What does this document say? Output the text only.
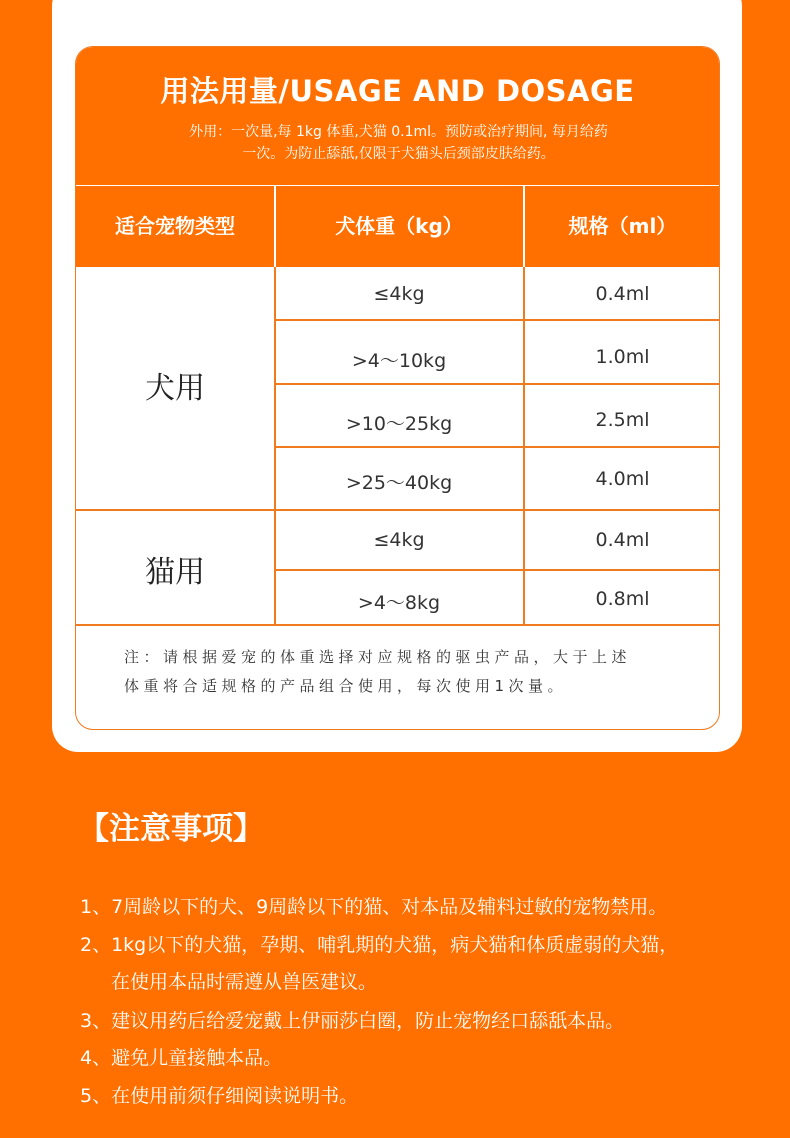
用法用量/USAGE AND DOSAGE
外用：一次量,每 1kg 体重,犬猫 0.1ml。预防或治疗期间, 每月给药
一次。为防止舔舐,仅限于犬猫头后颈部皮肤给药。
适合宠物类型	犬体重（kg）	规格（ml）
犬用
≤4kg	0.4ml
>4～10kg	1.0ml
>10～25kg	2.5ml
>25～40kg	4.0ml
猫用
≤4kg	0.4ml
>4～8kg	0.8ml
注：请根据爱宠的体重选择对应规格的驱虫产品，大于上述
体重将合适规格的产品组合使用，每次使用1次量。
【注意事项】
1、7周龄以下的犬、9周龄以下的猫、对本品及辅料过敏的宠物禁用。
2、1kg以下的犬猫，孕期、哺乳期的犬猫，病犬猫和体质虚弱的犬猫，
在使用本品时需遵从兽医建议。
3、建议用药后给爱宠戴上伊丽莎白圈，防止宠物经口舔舐本品。
4、避免儿童接触本品。
5、在使用前须仔细阅读说明书。
